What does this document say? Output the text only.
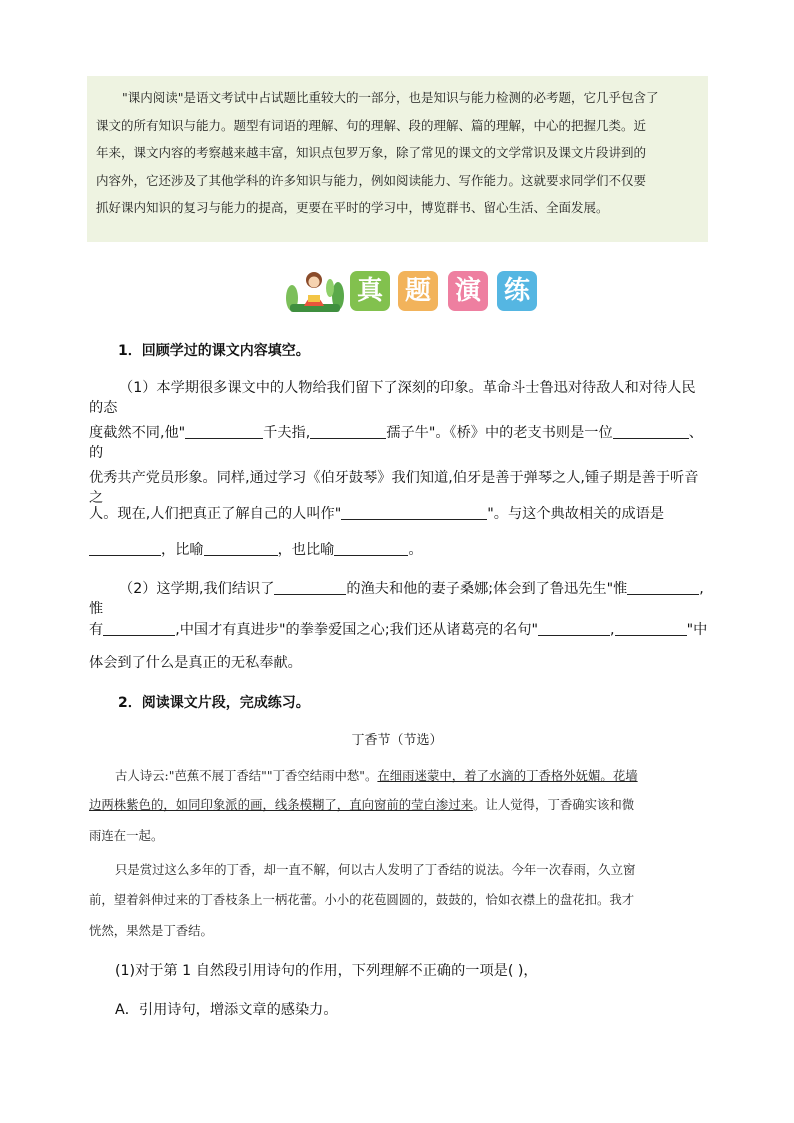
"课内阅读"是语文考试中占试题比重较大的一部分，也是知识与能力检测的必考题，它几乎包含了
课文的所有知识与能力。题型有词语的理解、句的理解、段的理解、篇的理解，中心的把握几类。近
年来，课文内容的考察越来越丰富，知识点包罗万象，除了常见的课文的文学常识及课文片段讲到的
内容外，它还涉及了其他学科的许多知识与能力，例如阅读能力、写作能力。这就要求同学们不仅要
抓好课内知识的复习与能力的提高，更要在平时的学习中，博览群书、留心生活、全面发展。
真 题 演 练
1．回顾学过的课文内容填空。
（1）本学期很多课文中的人物给我们留下了深刻的印象。革命斗士鲁迅对待敌人和对待人民的态
度截然不同,他"	千夫指,	孺子牛"。《桥》中的老支书则是一位	、的
优秀共产党员形象。同样,通过学习《伯牙鼓琴》我们知道,伯牙是善于弹琴之人,锺子期是善于听音之
人。现在,人们把真正了解自己的人叫作"	"。与这个典故相关的成语是
，比喻	，也比喻	。
（2）这学期,我们结识了	的渔夫和他的妻子桑娜;体会到了鲁迅先生"惟	,惟
有	,中国才有真进步"的拳拳爱国之心;我们还从诸葛亮的名句"	,	"中
体会到了什么是真正的无私奉献。
2．阅读课文片段，完成练习。
丁香节（节选）
古人诗云:"芭蕉不展丁香结""丁香空结雨中愁"。在细雨迷蒙中，着了水滴的丁香格外妩媚。花墙
边两株紫色的，如同印象派的画，线条模糊了，直向窗前的莹白渗过来。让人觉得，丁香确实该和微
雨连在一起。
只是赏过这么多年的丁香，却一直不解，何以古人发明了丁香结的说法。今年一次春雨，久立窗
前，望着斜伸过来的丁香枝条上一柄花蕾。小小的花苞圆圆的，鼓鼓的，恰如衣襟上的盘花扣。我才
恍然，果然是丁香结。
(1)对于第 1 自然段引用诗句的作用，下列理解不正确的一项是( )，
A．引用诗句，增添文章的感染力。
